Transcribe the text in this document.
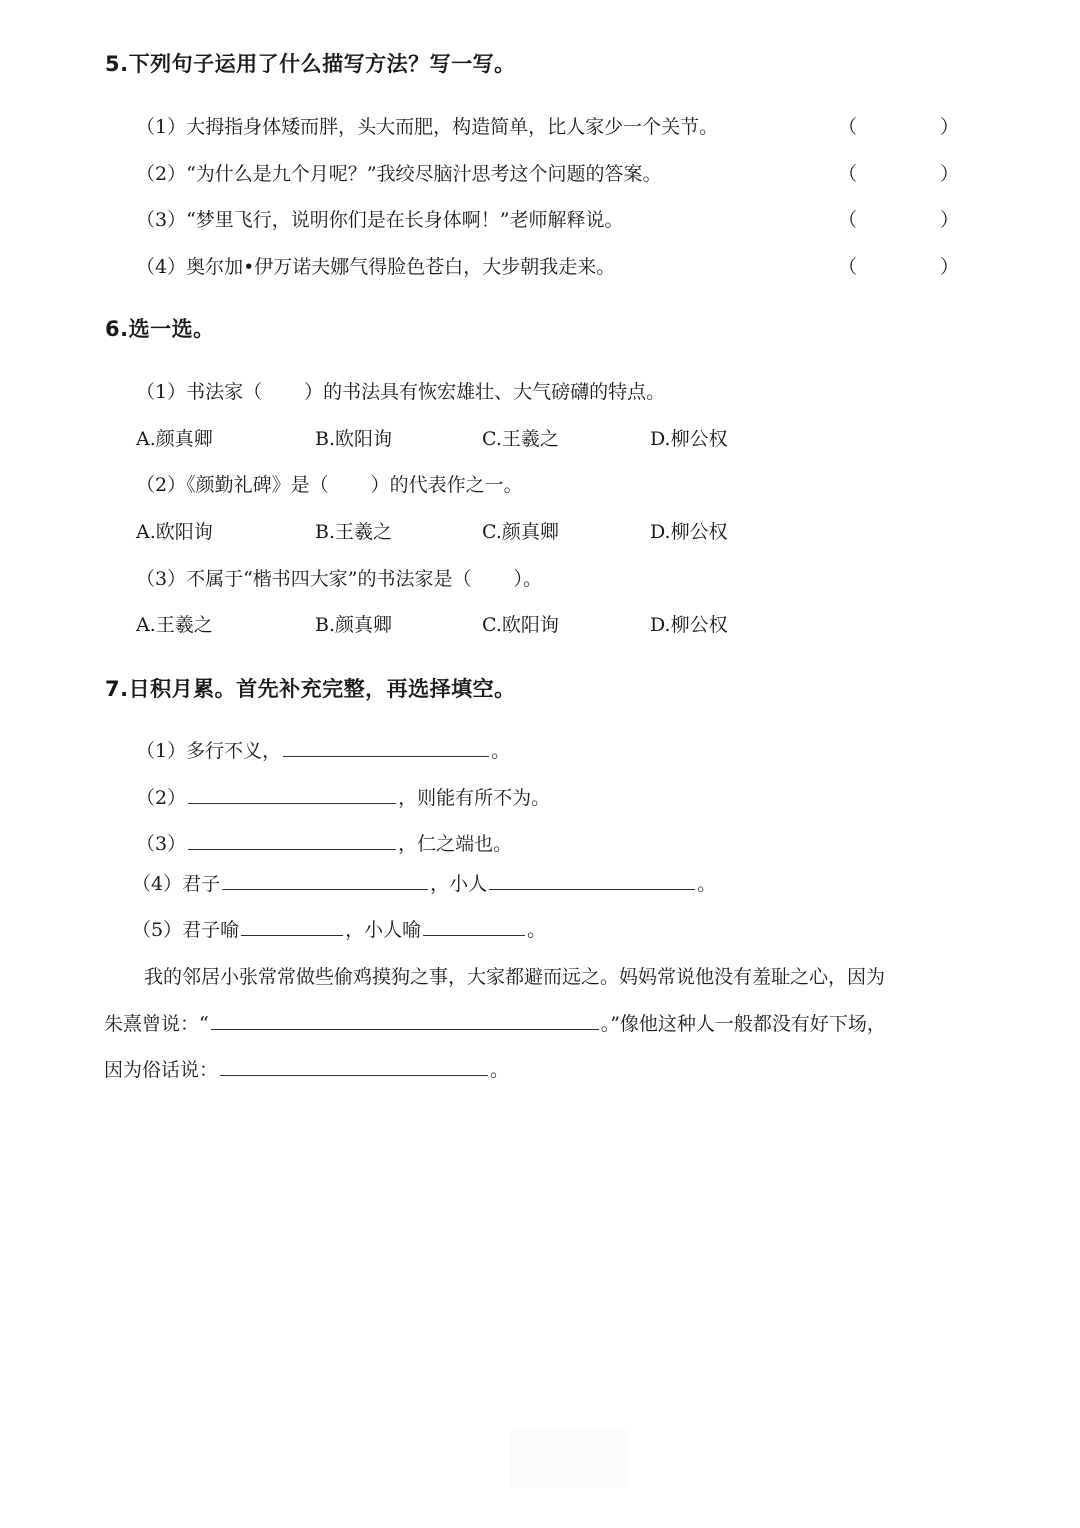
5.下列句子运用了什么描写方法？写一写。
（1）大拇指身体矮而胖，头大而肥，构造简单，比人家少一个关节。	（	）
（2）“为什么是九个月呢？”我绞尽脑汁思考这个问题的答案。	（	）
（3）“梦里飞行，说明你们是在长身体啊！”老师解释说。	（	）
（4）奥尔加•伊万诺夫娜气得脸色苍白，大步朝我走来。	（	）
6.选一选。
（1）书法家（ ）的书法具有恢宏雄壮、大气磅礴的特点。
A.颜真卿	B.欧阳询	C.王羲之	D.柳公权
（2）《颜勤礼碑》是（ ）的代表作之一。
A.欧阳询	B.王羲之	C.颜真卿	D.柳公权
（3）不属于“楷书四大家”的书法家是（ ）。
A.王羲之	B.颜真卿	C.欧阳询	D.柳公权
7.日积月累。首先补充完整，再选择填空。
（1）多行不义，	。
（2）	，则能有所不为。
（3）	，仁之端也。
（4）君子	，小人	。
（5）君子喻	，小人喻	。
我的邻居小张常常做些偷鸡摸狗之事，大家都避而远之。妈妈常说他没有羞耻之心，因为
朱熹曾说：“	。”像他这种人一般都没有好下场，
因为俗话说：	。
